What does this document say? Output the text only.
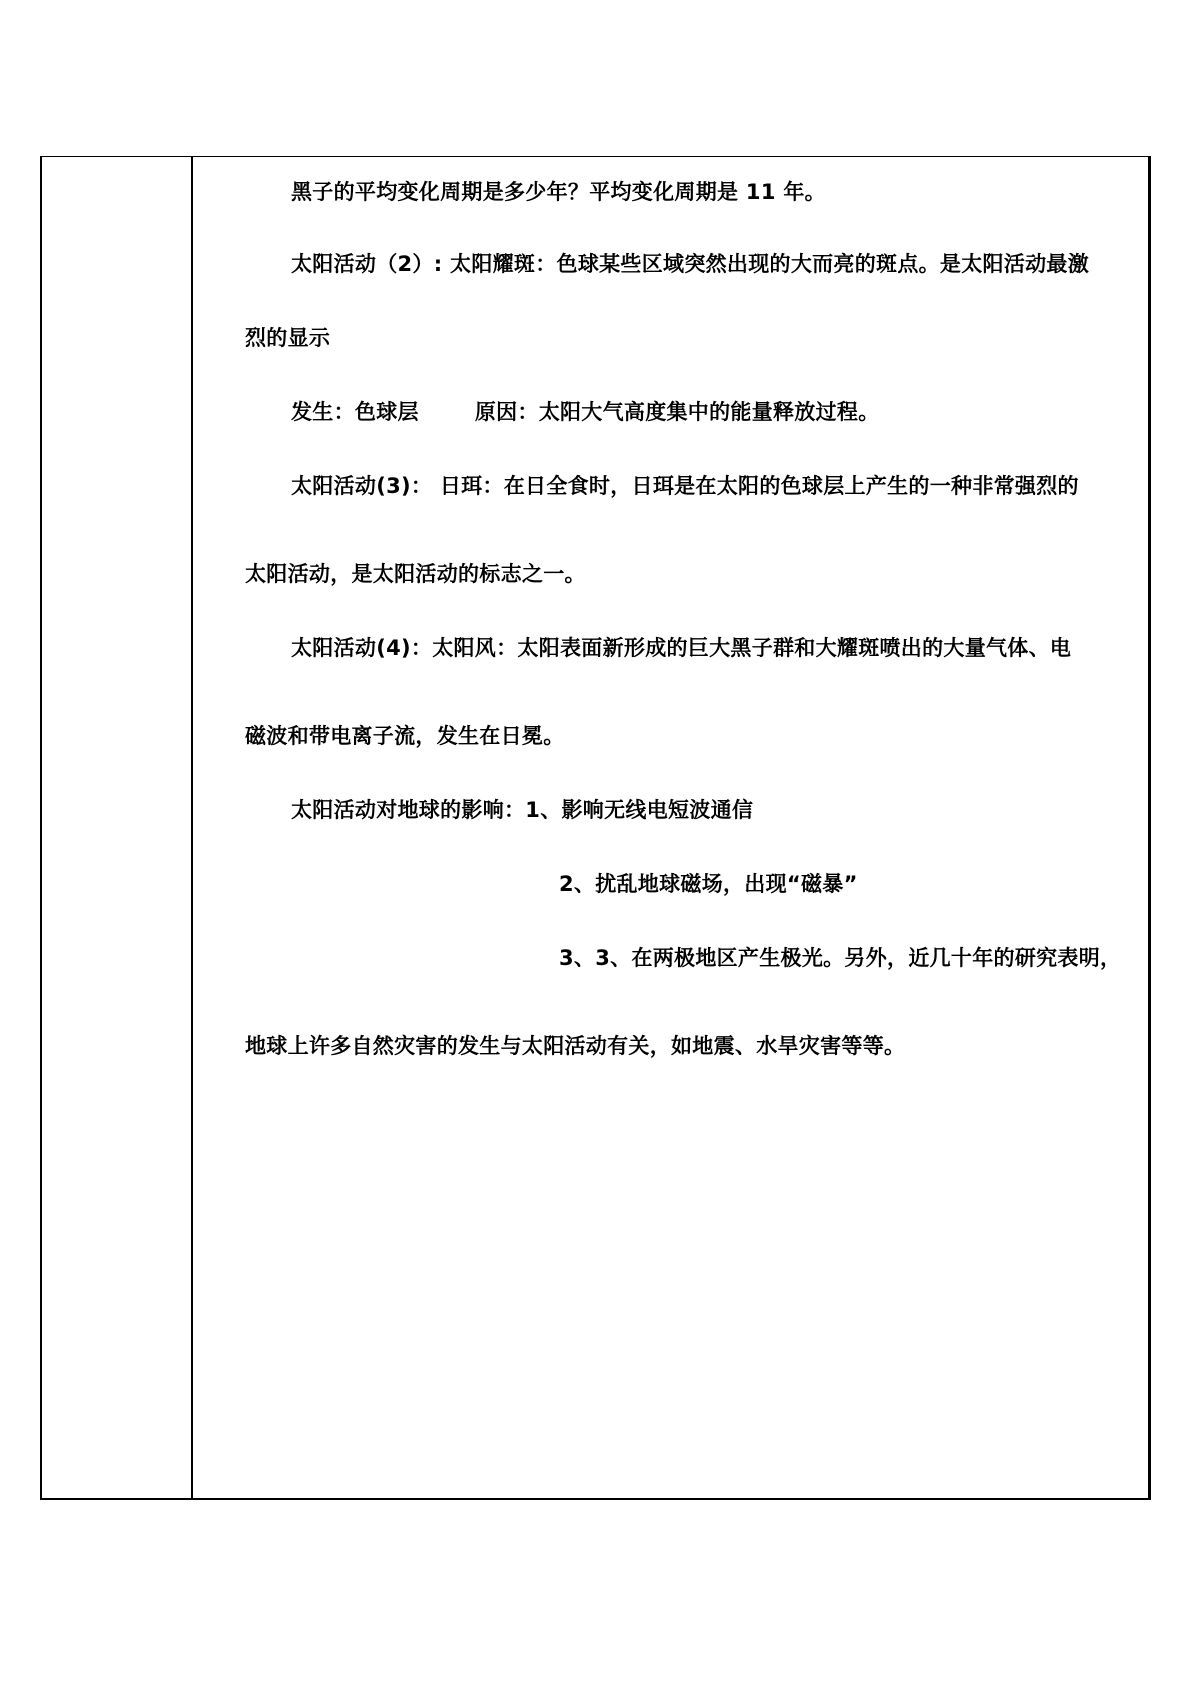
黑子的平均变化周期是多少年？平均变化周期是 11 年。
太阳活动（2）: 太阳耀斑：色球某些区域突然出现的大而亮的斑点。是太阳活动最激
烈的显示
发生：色球层	原因：太阳大气高度集中的能量释放过程。
太阳活动(3)： 日珥：在日全食时，日珥是在太阳的色球层上产生的一种非常强烈的
太阳活动，是太阳活动的标志之一。
太阳活动(4)：太阳风：太阳表面新形成的巨大黑子群和大耀斑喷出的大量气体、电
磁波和带电离子流，发生在日冕。
太阳活动对地球的影响：1、影响无线电短波通信
2、扰乱地球磁场，出现“磁暴”
3、3、在两极地区产生极光。另外，近几十年的研究表明，
地球上许多自然灾害的发生与太阳活动有关，如地震、水旱灾害等等。
